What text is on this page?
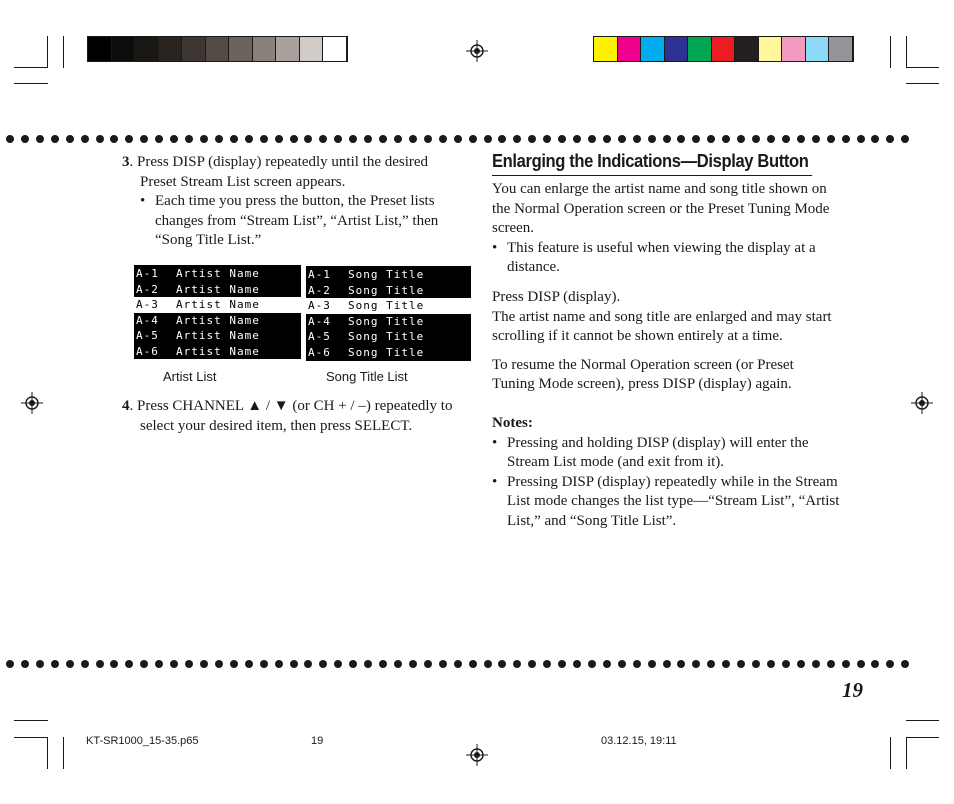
3. Press DISP (display) repeatedly until the desired Preset Stream List screen appears.
• Each time you press the button, the Preset lists changes from “Stream List”, “Artist List,” then “Song Title List.”
A-1	Artist Name
A-2	Artist Name
A-3	Artist Name
A-4	Artist Name
A-5	Artist Name
A-6	Artist Name
A-1	Song Title
A-2	Song Title
A-3	Song Title
A-4	Song Title
A-5	Song Title
A-6	Song Title
Artist List	Song Title List
4. Press CHANNEL ▲ / ▼ (or CH + / –) repeatedly to select your desired item, then press SELECT.
Enlarging the Indications—Display Button
You can enlarge the artist name and song title shown on the Normal Operation screen or the Preset Tuning Mode screen.
• This feature is useful when viewing the display at a distance.
Press DISP (display).
The artist name and song title are enlarged and may start scrolling if it cannot be shown entirely at a time.
To resume the Normal Operation screen (or Preset Tuning Mode screen), press DISP (display) again.
Notes:
• Pressing and holding DISP (display) will enter the Stream List mode (and exit from it).
• Pressing DISP (display) repeatedly while in the Stream List mode changes the list type—“Stream List”, “Artist List,” and “Song Title List”.
19
KT-SR1000_15-35.p65	19	03.12.15, 19:11
